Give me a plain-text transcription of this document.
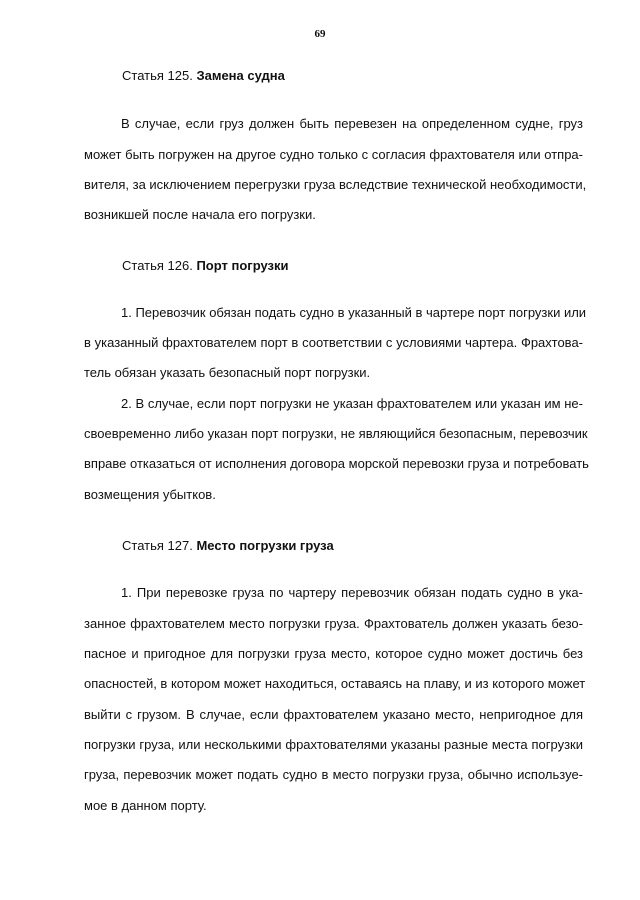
69
Статья 125. Замена судна
В случае, если груз должен быть перевезен на определенном судне, груз
может быть погружен на другое судно только с согласия фрахтователя или отпра-
вителя, за исключением перегрузки груза вследствие технической необходимости,
возникшей после начала его погрузки.
Статья 126. Порт погрузки
1. Перевозчик обязан подать судно в указанный в чартере порт погрузки или
в указанный фрахтователем порт в соответствии с условиями чартера. Фрахтова-
тель обязан указать безопасный порт погрузки.
2. В случае, если порт погрузки не указан фрахтователем или указан им не-
своевременно либо указан порт погрузки, не являющийся безопасным, перевозчик
вправе отказаться от исполнения договора морской перевозки груза и потребовать
возмещения убытков.
Статья 127. Место погрузки груза
1. При перевозке груза по чартеру перевозчик обязан подать судно в ука-
занное фрахтователем место погрузки груза. Фрахтователь должен указать безо-
пасное и пригодное для погрузки груза место, которое судно может достичь без
опасностей, в котором может находиться, оставаясь на плаву, и из которого может
выйти с грузом. В случае, если фрахтователем указано место, непригодное для
погрузки груза, или несколькими фрахтователями указаны разные места погрузки
груза, перевозчик может подать судно в место погрузки груза, обычно используе-
мое в данном порту.
